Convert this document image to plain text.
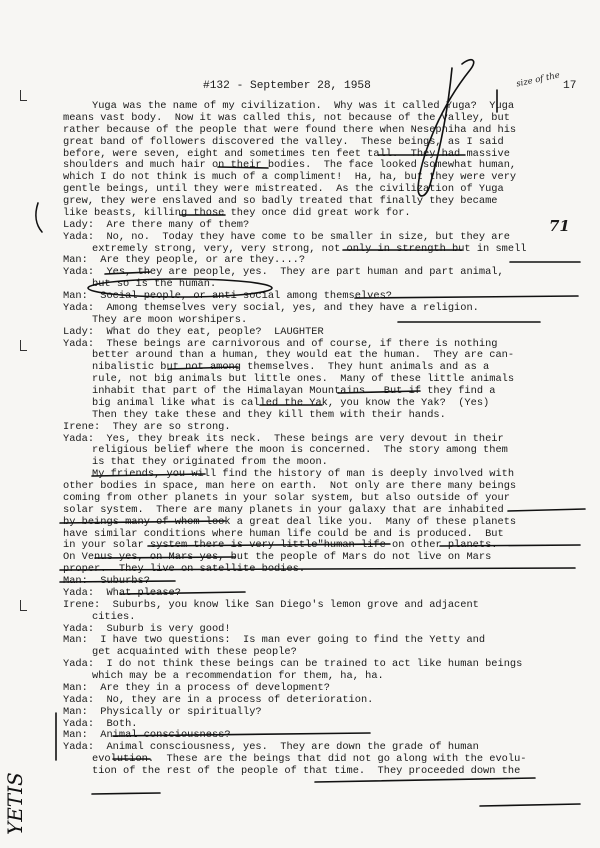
#132 - September 28, 1958	17
size of the
71
Yuga was the name of my civilization.  Why was it called Yuga?  Yuga
means vast body.  Now it was called this, not because of the valley, but
rather because of the people that were found there when Nesepniha and his
great band of followers discovered the valley.  These beings, as I said
before, were seven, eight and sometimes ten feet tall.  They had massive
shoulders and much hair on their bodies.  The face looked somewhat human,
which I do not think is much of a compliment!  Ha, ha, but they were very
gentle beings, until they were mistreated.  As the civilization of Yuga
grew, they were enslaved and so badly treated that finally they became
like beasts, killing those they once did great work for.
Lady:  Are there many of them?
Yada:  No, no.  Today they have come to be smaller in size, but they are
extremely strong, very, very strong, not only in strength but in smell
Man:  Are they people, or are they....?
Yada:  Yes, they are people, yes.  They are part human and part animal,
but so is the human.
Man:  Social people, or anti-social among themselves?
Yada:  Among themselves very social, yes, and they have a religion.
They are moon worshipers.
Lady:  What do they eat, people?  LAUGHTER
Yada:  These beings are carnivorous and of course, if there is nothing
better around than a human, they would eat the human.  They are can-
nibalistic but not among themselves.  They hunt animals and as a
rule, not big animals but little ones.  Many of these little animals
inhabit that part of the Himalayan Mountains.  But if they find a
big animal like what is called the Yak, you know the Yak?  (Yes)
Then they take these and they kill them with their hands.
Irene:  They are so strong.
Yada:  Yes, they break its neck.  These beings are very devout in their
religious belief where the moon is concerned.  The story among them
is that they originated from the moon.
My friends, you will find the history of man is deeply involved with
other bodies in space, man here on earth.  Not only are there many beings
coming from other planets in your solar system, but also outside of your
solar system.  There are many planets in your galaxy that are inhabited
by beings many of whom look a great deal like you.  Many of these planets
have similar conditions where human life could be and is produced.  But
in your solar system there is very little"human life on other planets.
On Venus yes, on Mars yes, but the people of Mars do not live on Mars
proper.  They live on satellite bodies.
Man:  Suburbs?
Yada:  What please?
Irene:  Suburbs, you know like San Diego's lemon grove and adjacent
cities.
Yada:  Suburb is very good!
Man:  I have two questions:  Is man ever going to find the Yetty and
get acquainted with these people?
Yada:  I do not think these beings can be trained to act like human beings
which may be a recommendation for them, ha, ha.
Man:  Are they in a process of development?
Yada:  No, they are in a process of deterioration.
Man:  Physically or spiritually?
Yada:  Both.
Man:  Animal consciousness?
Yada:  Animal consciousness, yes.  They are down the grade of human
evolution.  These are the beings that did not go along with the evolu-
tion of the rest of the people of that time.  They proceeded down the
YETIS
